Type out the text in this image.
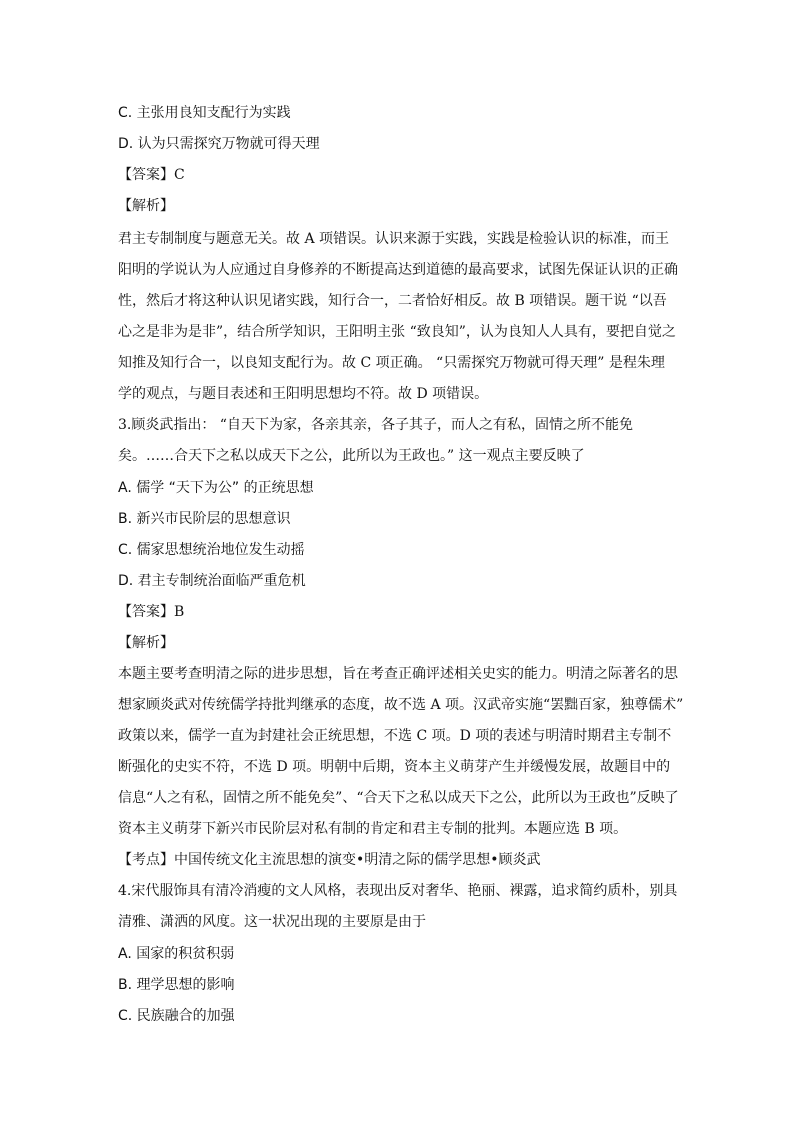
C. 主张用良知支配行为实践
D. 认为只需探究万物就可得天理
【答案】C
【解析】
君主专制制度与题意无关。故 A 项错误。认识来源于实践，实践是检验认识的标准，而王
阳明的学说认为人应通过自身修养的不断提高达到道德的最高要求，试图先保证认识的正确
性，然后才将这种认识见诸实践，知行合一，二者恰好相反。故 B 项错误。题干说 “以吾
心之是非为是非”，结合所学知识，王阳明主张 “致良知”，认为良知人人具有，要把自觉之
知推及知行合一，以良知支配行为。故 C 项正确。 “只需探究万物就可得天理” 是程朱理
学的观点，与题目表述和王阳明思想均不符。故 D 项错误。
3.顾炎武指出： “自天下为家，各亲其亲，各子其子，而人之有私，固情之所不能免
矣。……合天下之私以成天下之公，此所以为王政也。” 这一观点主要反映了
A. 儒学 “天下为公” 的正统思想
B. 新兴市民阶层的思想意识
C. 儒家思想统治地位发生动摇
D. 君主专制统治面临严重危机
【答案】B
【解析】
本题主要考查明清之际的进步思想，旨在考查正确评述相关史实的能力。明清之际著名的思
想家顾炎武对传统儒学持批判继承的态度，故不选 A 项。汉武帝实施“罢黜百家，独尊儒术”
政策以来，儒学一直为封建社会正统思想，不选 C 项。D 项的表述与明清时期君主专制不
断强化的史实不符，不选 D 项。明朝中后期，资本主义萌芽产生并缓慢发展，故题目中的
信息“人之有私，固情之所不能免矣”、“合天下之私以成天下之公，此所以为王政也”反映了
资本主义萌芽下新兴市民阶层对私有制的肯定和君主专制的批判。本题应选 B 项。
【考点】中国传统文化主流思想的演变•明清之际的儒学思想•顾炎武
4.宋代服饰具有清冷消瘦的文人风格，表现出反对奢华、艳丽、裸露，追求简约质朴，别具
清雅、潇洒的风度。这一状况出现的主要原是由于
A. 国家的积贫积弱
B. 理学思想的影响
C. 民族融合的加强
